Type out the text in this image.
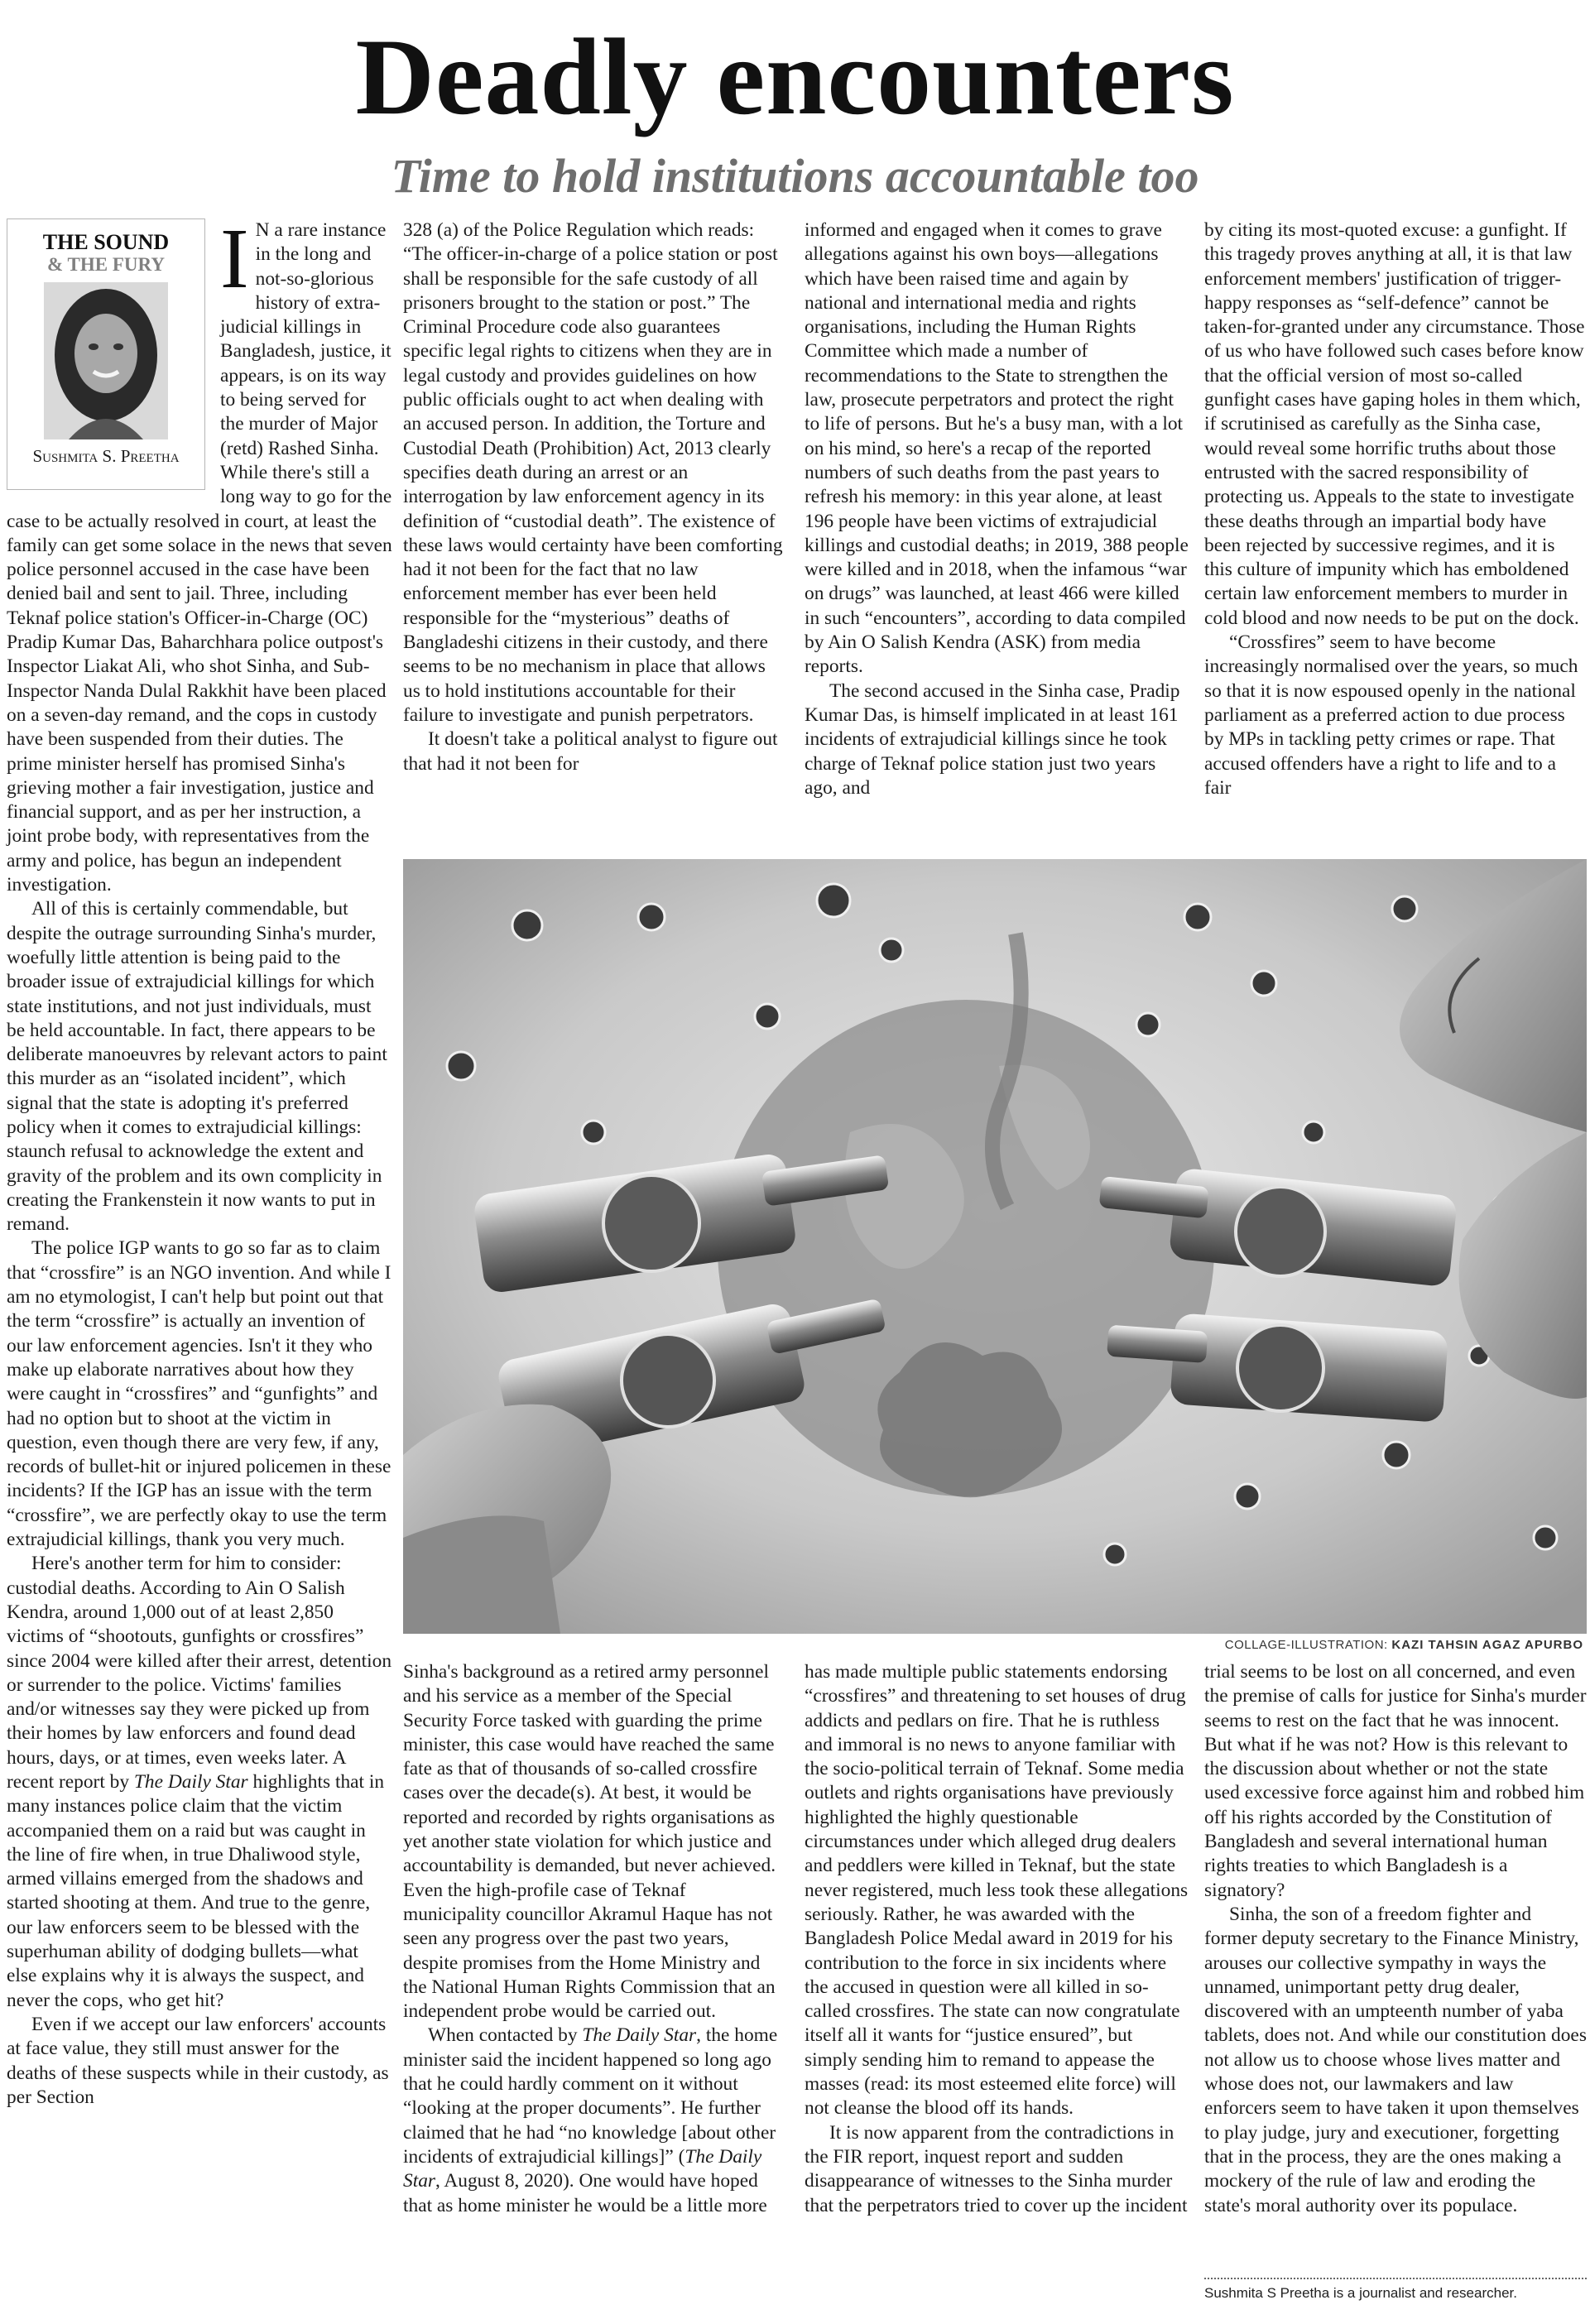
Deadly encounters
Time to hold institutions accountable too
THE SOUND
& THE FURY
Sushmita S. Preetha
I N a rare instance in the long and not-so-glorious history of extra-judicial killings in Bangladesh, justice, it appears, is on its way to being served for the murder of Major (retd) Rashed Sinha. While there's still a long way to go for the case to be actually resolved in court, at least the family can get some solace in the news that seven police personnel accused in the case have been denied bail and sent to jail. Three, including Teknaf police station's Officer-in-Charge (OC) Pradip Kumar Das, Baharchhara police outpost's Inspector Liakat Ali, who shot Sinha, and Sub-Inspector Nanda Dulal Rakkhit have been placed on a seven-day remand, and the cops in custody have been suspended from their duties. The prime minister herself has promised Sinha's grieving mother a fair investigation, justice and financial support, and as per her instruction, a joint probe body, with representatives from the army and police, has begun an independent investigation.

All of this is certainly commendable, but despite the outrage surrounding Sinha's murder, woefully little attention is being paid to the broader issue of extrajudicial killings for which state institutions, and not just individuals, must be held accountable. In fact, there appears to be deliberate manoeuvres by relevant actors to paint this murder as an “isolated incident”, which signal that the state is adopting it's preferred policy when it comes to extrajudicial killings: staunch refusal to acknowledge the extent and gravity of the problem and its own complicity in creating the Frankenstein it now wants to put in remand.

The police IGP wants to go so far as to claim that “crossfire” is an NGO invention. And while I am no etymologist, I can't help but point out that the term “crossfire” is actually an invention of our law enforcement agencies. Isn't it they who make up elaborate narratives about how they were caught in “crossfires” and “gunfights” and had no option but to shoot at the victim in question, even though there are very few, if any, records of bullet-hit or injured policemen in these incidents? If the IGP has an issue with the term “crossfire”, we are perfectly okay to use the term extrajudicial killings, thank you very much.

Here's another term for him to consider: custodial deaths. According to Ain O Salish Kendra, around 1,000 out of at least 2,850 victims of “shootouts, gunfights or crossfires” since 2004 were killed after their arrest, detention or surrender to the police. Victims' families and/or witnesses say they were picked up from their homes by law enforcers and found dead hours, days, or at times, even weeks later. A recent report by The Daily Star highlights that in many instances police claim that the victim accompanied them on a raid but was caught in the line of fire when, in true Dhaliwood style, armed villains emerged from the shadows and started shooting at them. And true to the genre, our law enforcers seem to be blessed with the superhuman ability of dodging bullets—what else explains why it is always the suspect, and never the cops, who get hit?

Even if we accept our law enforcers' accounts at face value, they still must answer for the deaths of these suspects while in their custody, as per Section

328 (a) of the Police Regulation which reads: “The officer-in-charge of a police station or post shall be responsible for the safe custody of all prisoners brought to the station or post.” The Criminal Procedure code also guarantees specific legal rights to citizens when they are in legal custody and provides guidelines on how public officials ought to act when dealing with an accused person. In addition, the Torture and Custodial Death (Prohibition) Act, 2013 clearly specifies death during an arrest or an interrogation by law enforcement agency in its definition of “custodial death”. The existence of these laws would certainty have been comforting had it not been for the fact that no law enforcement member has ever been held responsible for the “mysterious” deaths of Bangladeshi citizens in their custody, and there seems to be no mechanism in place that allows us to hold institutions accountable for their failure to investigate and punish perpetrators.

It doesn't take a political analyst to figure out that had it not been for

informed and engaged when it comes to grave allegations against his own boys—allegations which have been raised time and again by national and international media and rights organisations, including the Human Rights Committee which made a number of recommendations to the State to strengthen the law, prosecute perpetrators and protect the right to life of persons. But he's a busy man, with a lot on his mind, so here's a recap of the reported numbers of such deaths from the past years to refresh his memory: in this year alone, at least 196 people have been victims of extrajudicial killings and custodial deaths; in 2019, 388 people were killed and in 2018, when the infamous “war on drugs” was launched, at least 466 were killed in such “encounters”, according to data compiled by Ain O Salish Kendra (ASK) from media reports.

The second accused in the Sinha case, Pradip Kumar Das, is himself implicated in at least 161 incidents of extrajudicial killings since he took charge of Teknaf police station just two years ago, and

by citing its most-quoted excuse: a gunfight. If this tragedy proves anything at all, it is that law enforcement members' justification of trigger-happy responses as “self-defence” cannot be taken-for-granted under any circumstance. Those of us who have followed such cases before know that the official version of most so-called gunfight cases have gaping holes in them which, if scrutinised as carefully as the Sinha case, would reveal some horrific truths about those entrusted with the sacred responsibility of protecting us. Appeals to the state to investigate these deaths through an impartial body have been rejected by successive regimes, and it is this culture of impunity which has emboldened certain law enforcement members to murder in cold blood and now needs to be put on the dock.

“Crossfires” seem to have become increasingly normalised over the years, so much so that it is now espoused openly in the national parliament as a preferred action to due process by MPs in tackling petty crimes or rape. That accused offenders have a right to life and to a fair

COLLAGE-ILLUSTRATION: KAZI TAHSIN AGAZ APURBO

Sinha's background as a retired army personnel and his service as a member of the Special Security Force tasked with guarding the prime minister, this case would have reached the same fate as that of thousands of so-called crossfire cases over the decade(s). At best, it would be reported and recorded by rights organisations as yet another state violation for which justice and accountability is demanded, but never achieved. Even the high-profile case of Teknaf municipality councillor Akramul Haque has not seen any progress over the past two years, despite promises from the Home Ministry and the National Human Rights Commission that an independent probe would be carried out.

When contacted by The Daily Star, the home minister said the incident happened so long ago that he could hardly comment on it without “looking at the proper documents”. He further claimed that he had “no knowledge [about other incidents of extrajudicial killings]” (The Daily Star, August 8, 2020). One would have hoped that as home minister he would be a little more

has made multiple public statements endorsing “crossfires” and threatening to set houses of drug addicts and pedlars on fire. That he is ruthless and immoral is no news to anyone familiar with the socio-political terrain of Teknaf. Some media outlets and rights organisations have previously highlighted the highly questionable circumstances under which alleged drug dealers and peddlers were killed in Teknaf, but the state never registered, much less took these allegations seriously. Rather, he was awarded with the Bangladesh Police Medal award in 2019 for his contribution to the force in six incidents where the accused in question were all killed in so-called crossfires. The state can now congratulate itself all it wants for “justice ensured”, but simply sending him to remand to appease the masses (read: its most esteemed elite force) will not cleanse the blood off its hands.

It is now apparent from the contradictions in the FIR report, inquest report and sudden disappearance of witnesses to the Sinha murder that the perpetrators tried to cover up the incident

trial seems to be lost on all concerned, and even the premise of calls for justice for Sinha's murder seems to rest on the fact that he was innocent. But what if he was not? How is this relevant to the discussion about whether or not the state used excessive force against him and robbed him off his rights accorded by the Constitution of Bangladesh and several international human rights treaties to which Bangladesh is a signatory?

Sinha, the son of a freedom fighter and former deputy secretary to the Finance Ministry, arouses our collective sympathy in ways the unnamed, unimportant petty drug dealer, discovered with an umpteenth number of yaba tablets, does not. And while our constitution does not allow us to choose whose lives matter and whose does not, our lawmakers and law enforcers seem to have taken it upon themselves to play judge, jury and executioner, forgetting that in the process, they are the ones making a mockery of the rule of law and eroding the state's moral authority over its populace.

Sushmita S Preetha is a journalist and researcher.
